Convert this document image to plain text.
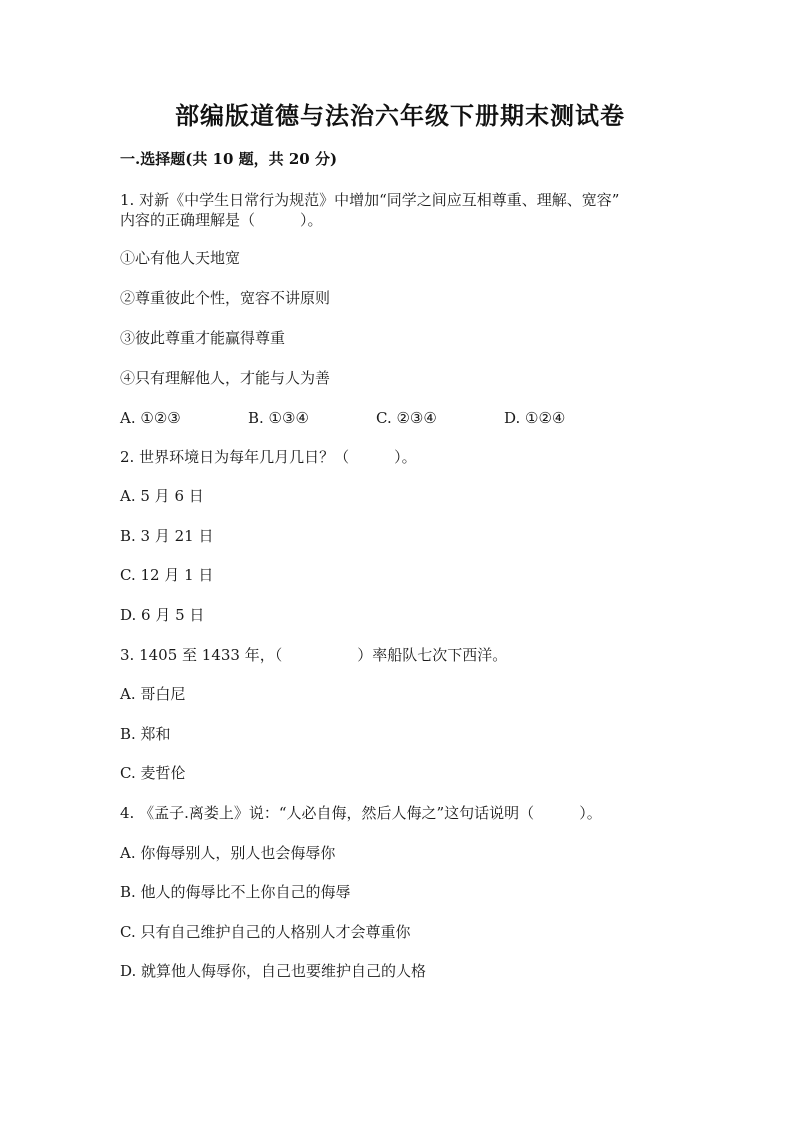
部编版道德与法治六年级下册期末测试卷
一.选择题(共 10 题，共 20 分)
1. 对新《中学生日常行为规范》中增加“同学之间应互相尊重、理解、宽容”
内容的正确理解是（　　　）。
①心有他人天地宽
②尊重彼此个性，宽容不讲原则
③彼此尊重才能赢得尊重
④只有理解他人，才能与人为善
A. ①②③	B. ①③④	C. ②③④	D. ①②④
2. 世界环境日为每年几月几日？（　　　）。
A. 5 月 6 日
B. 3 月 21 日
C. 12 月 1 日
D. 6 月 5 日
3. 1405 至 1433 年，（　　　　　）率船队七次下西洋。
A. 哥白尼
B. 郑和
C. 麦哲伦
4. 《孟子.离娄上》说：“人必自侮，然后人侮之”这句话说明（　　　）。
A. 你侮辱别人，别人也会侮辱你
B. 他人的侮辱比不上你自己的侮辱
C. 只有自己维护自己的人格别人才会尊重你
D. 就算他人侮辱你，自己也要维护自己的人格
